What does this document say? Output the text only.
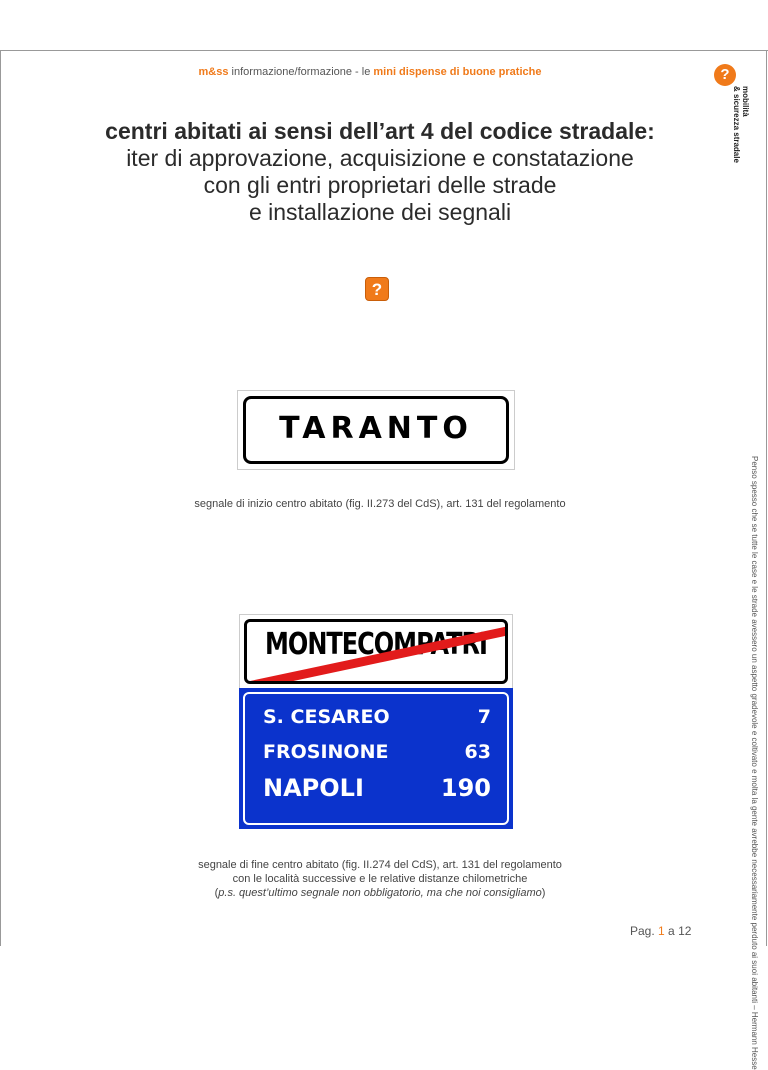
m&ss informazione/formazione - le mini dispense di buone pratiche	?
mobilità
& sicurezza stradale
centri abitati ai sensi dell’art 4 del codice stradale:
iter di approvazione, acquisizione e constatazione
con gli entri proprietari delle strade
e installazione dei segnali
?
TARANTO
segnale di inizio centro abitato (fig. II.273 del CdS), art. 131 del regolamento
MONTECOMPATRI
S. CESAREO	7
FROSINONE	63
NAPOLI	190
segnale di fine centro abitato (fig. II.274 del CdS), art. 131 del regolamento
con le località successive e le relative distanze chilometriche
(p.s. quest’ultimo segnale non obbligatorio, ma che noi consigliamo)
Pag. 1 a 12	Penso spesso che se tutte le case e le strade avessero un aspetto gradevole e coltivato e molta la gente avrebbe necessariamente perduto ai suoi abitanti – Hermann Hesse
